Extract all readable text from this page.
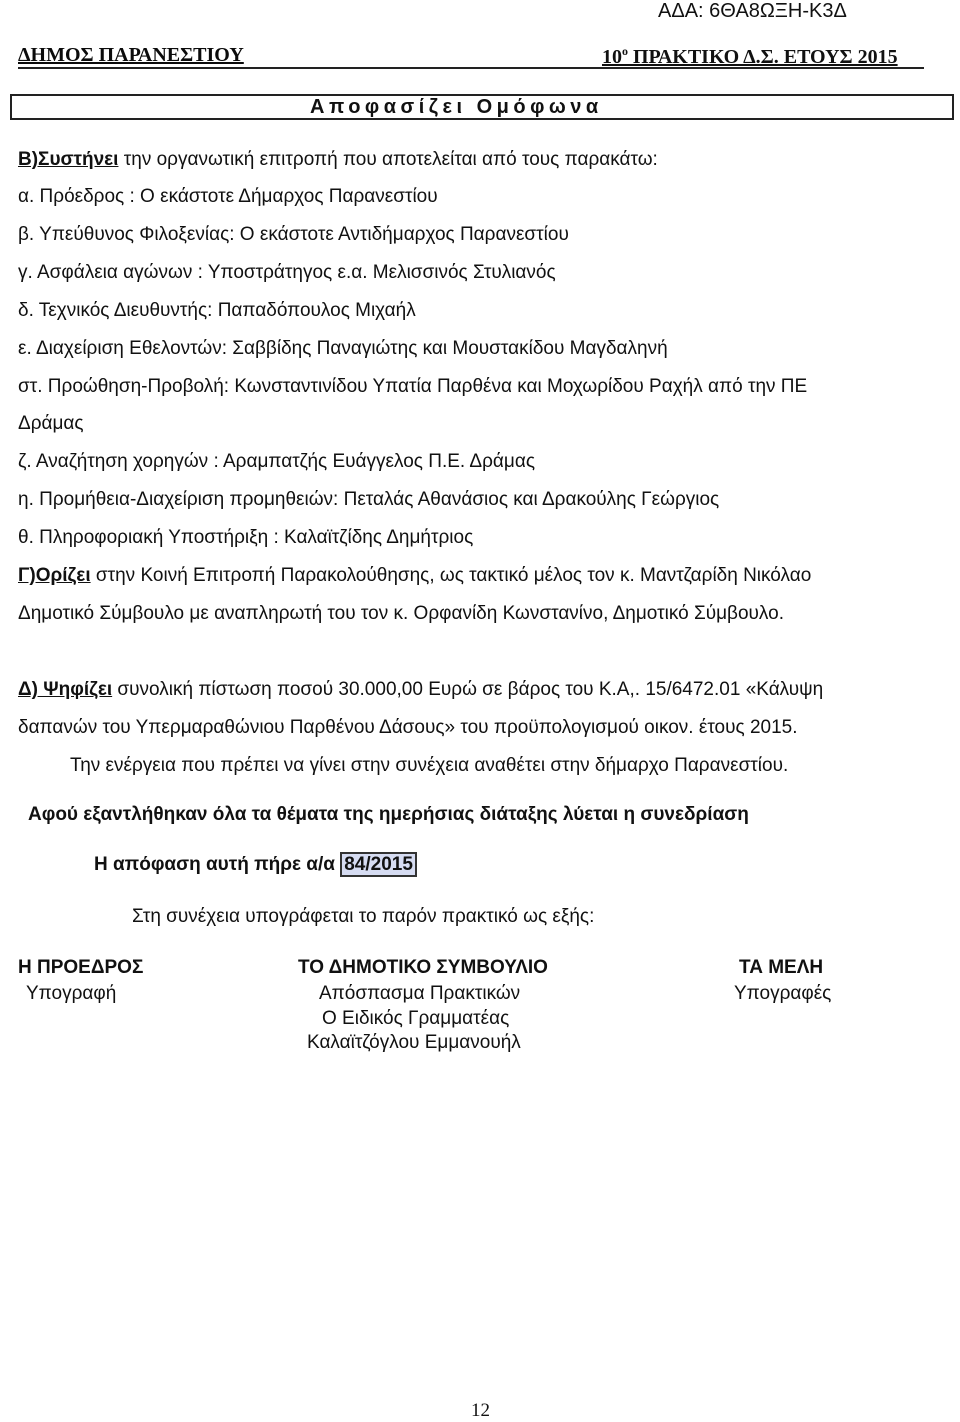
ΑΔΑ: 6ΘΑ8ΩΞΗ-Κ3Δ
ΔΗΜΟΣ ΠΑΡΑΝΕΣΤΙΟΥ	$10^o$ ΠΡΑΚΤΙΚΟ Δ.Σ. ΕΤΟΥΣ 2015
Αποφασίζει Ομόφωνα
Β)Συστήνει την οργανωτική επιτροπή που αποτελείται από τους παρακάτω:
α. Πρόεδρος : Ο εκάστοτε Δήμαρχος Παρανεστίου
β. Υπεύθυνος Φιλοξενίας: Ο εκάστοτε Αντιδήμαρχος Παρανεστίου
γ. Ασφάλεια αγώνων : Υποστράτηγος ε.α. Μελισσινός Στυλιανός
δ. Τεχνικός Διευθυντής: Παπαδόπουλος Μιχαήλ
ε. Διαχείριση Εθελοντών: Σαββίδης Παναγιώτης και Μουστακίδου Μαγδαληνή
στ. Προώθηση-Προβολή: Κωνσταντινίδου Υπατία Παρθένα και Μοχωρίδου Ραχήλ από την ΠΕ
Δράμας
ζ. Αναζήτηση χορηγών : Αραμπατζής Ευάγγελος Π.Ε. Δράμας
η. Προμήθεια-Διαχείριση προμηθειών: Πεταλάς Αθανάσιος και Δρακούλης Γεώργιος
θ. Πληροφοριακή Υποστήριξη : Καλαϊτζίδης Δημήτριος
Γ)Ορίζει στην Κοινή Επιτροπή Παρακολούθησης, ως τακτικό μέλος τον κ. Μαντζαρίδη Νικόλαο
Δημοτικό Σύμβουλο με αναπληρωτή του τον κ. Ορφανίδη Κωνστανίνο, Δημοτικό Σύμβουλο.
Δ) Ψηφίζει συνολική πίστωση ποσού 30.000,00 Ευρώ σε βάρος του Κ.Α,. 15/6472.01 «Κάλυψη
δαπανών του Υπερμαραθώνιου Παρθένου Δάσους» του προϋπολογισμού οικον. έτους 2015.
Την ενέργεια που πρέπει να γίνει στην συνέχεια αναθέτει στην δήμαρχο Παρανεστίου.
Αφού εξαντλήθηκαν όλα τα θέματα της ημερήσιας διάταξης λύεται η συνεδρίαση
Η απόφαση αυτή πήρε α/α 84/2015
Στη συνέχεια υπογράφεται το παρόν πρακτικό ως εξής:
Η ΠΡΟΕΔΡΟΣ
Υπογραφή
ΤΟ ΔΗΜΟΤΙΚΟ ΣΥΜΒΟΥΛΙΟ
Απόσπασμα Πρακτικών
Ο Ειδικός Γραμματέας
Καλαϊτζόγλου Εμμανουήλ
ΤΑ ΜΕΛΗ
Υπογραφές
12
